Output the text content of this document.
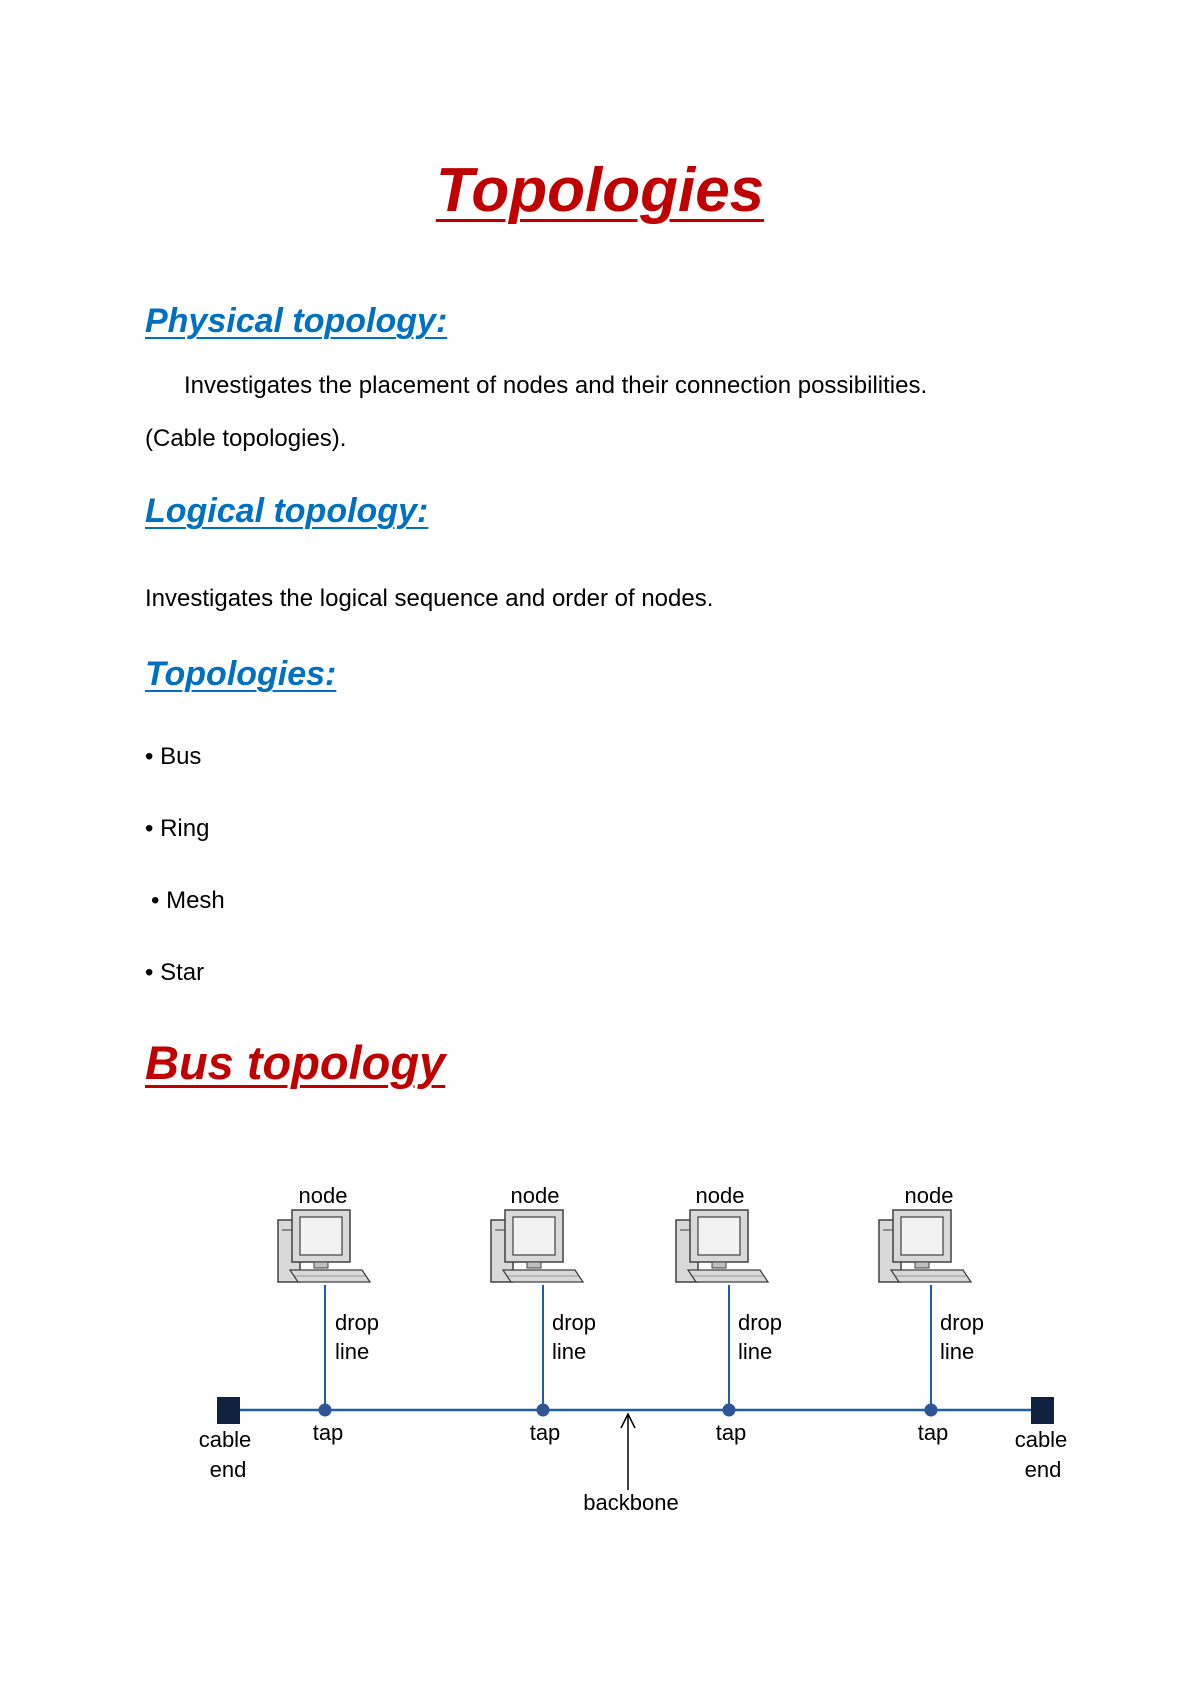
Topologies
Physical topology:
Investigates the placement of nodes and their connection possibilities.
(Cable topologies).
Logical topology:
Investigates the logical sequence and order of nodes.
Topologies:
• Bus
• Ring
• Mesh
• Star
Bus topology
node
drop
line
tap
node
drop
line
tap
node
drop
line
tap
node
drop
line
tap
cable
end
cable
end
backbone
